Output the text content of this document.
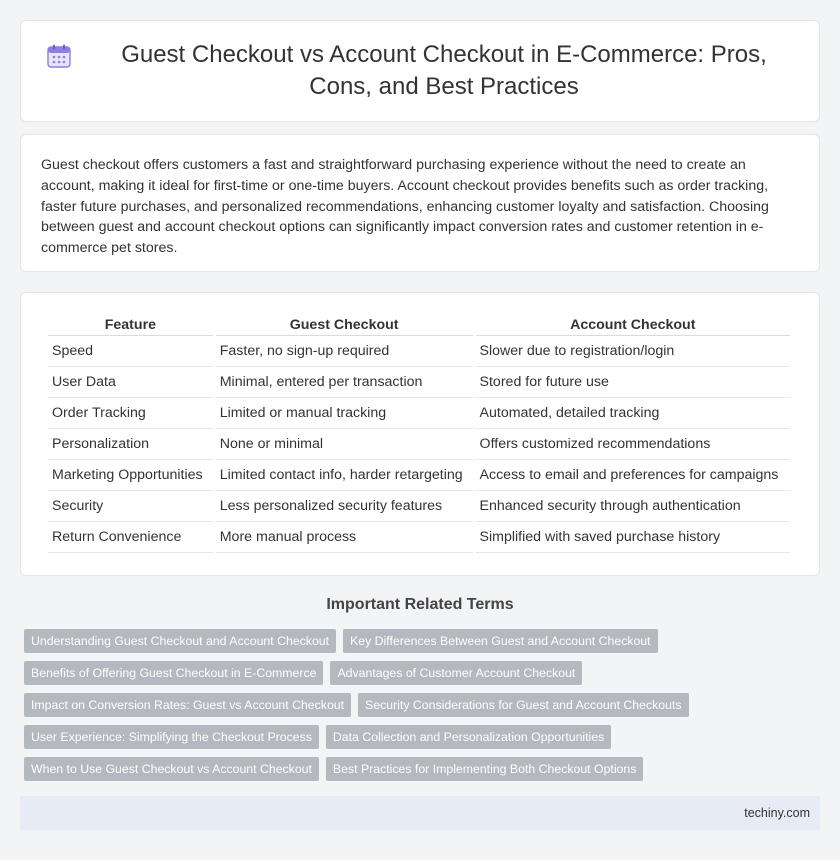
Guest Checkout vs Account Checkout in E-Commerce: Pros, Cons, and Best Practices

Guest checkout offers customers a fast and straightforward purchasing experience without the need to create an account, making it ideal for first-time or one-time buyers. Account checkout provides benefits such as order tracking, faster future purchases, and personalized recommendations, enhancing customer loyalty and satisfaction. Choosing between guest and account checkout options can significantly impact conversion rates and customer retention in e-commerce pet stores.

Feature	Guest Checkout	Account Checkout
Speed	Faster, no sign-up required	Slower due to registration/login
User Data	Minimal, entered per transaction	Stored for future use
Order Tracking	Limited or manual tracking	Automated, detailed tracking
Personalization	None or minimal	Offers customized recommendations
Marketing Opportunities	Limited contact info, harder retargeting	Access to email and preferences for campaigns
Security	Less personalized security features	Enhanced security through authentication
Return Convenience	More manual process	Simplified with saved purchase history
Important Related Terms
Understanding Guest Checkout and Account Checkout	Key Differences Between Guest and Account Checkout
Benefits of Offering Guest Checkout in E-Commerce	Advantages of Customer Account Checkout
Impact on Conversion Rates: Guest vs Account Checkout	Security Considerations for Guest and Account Checkouts
User Experience: Simplifying the Checkout Process	Data Collection and Personalization Opportunities
When to Use Guest Checkout vs Account Checkout	Best Practices for Implementing Both Checkout Options
techiny.com
